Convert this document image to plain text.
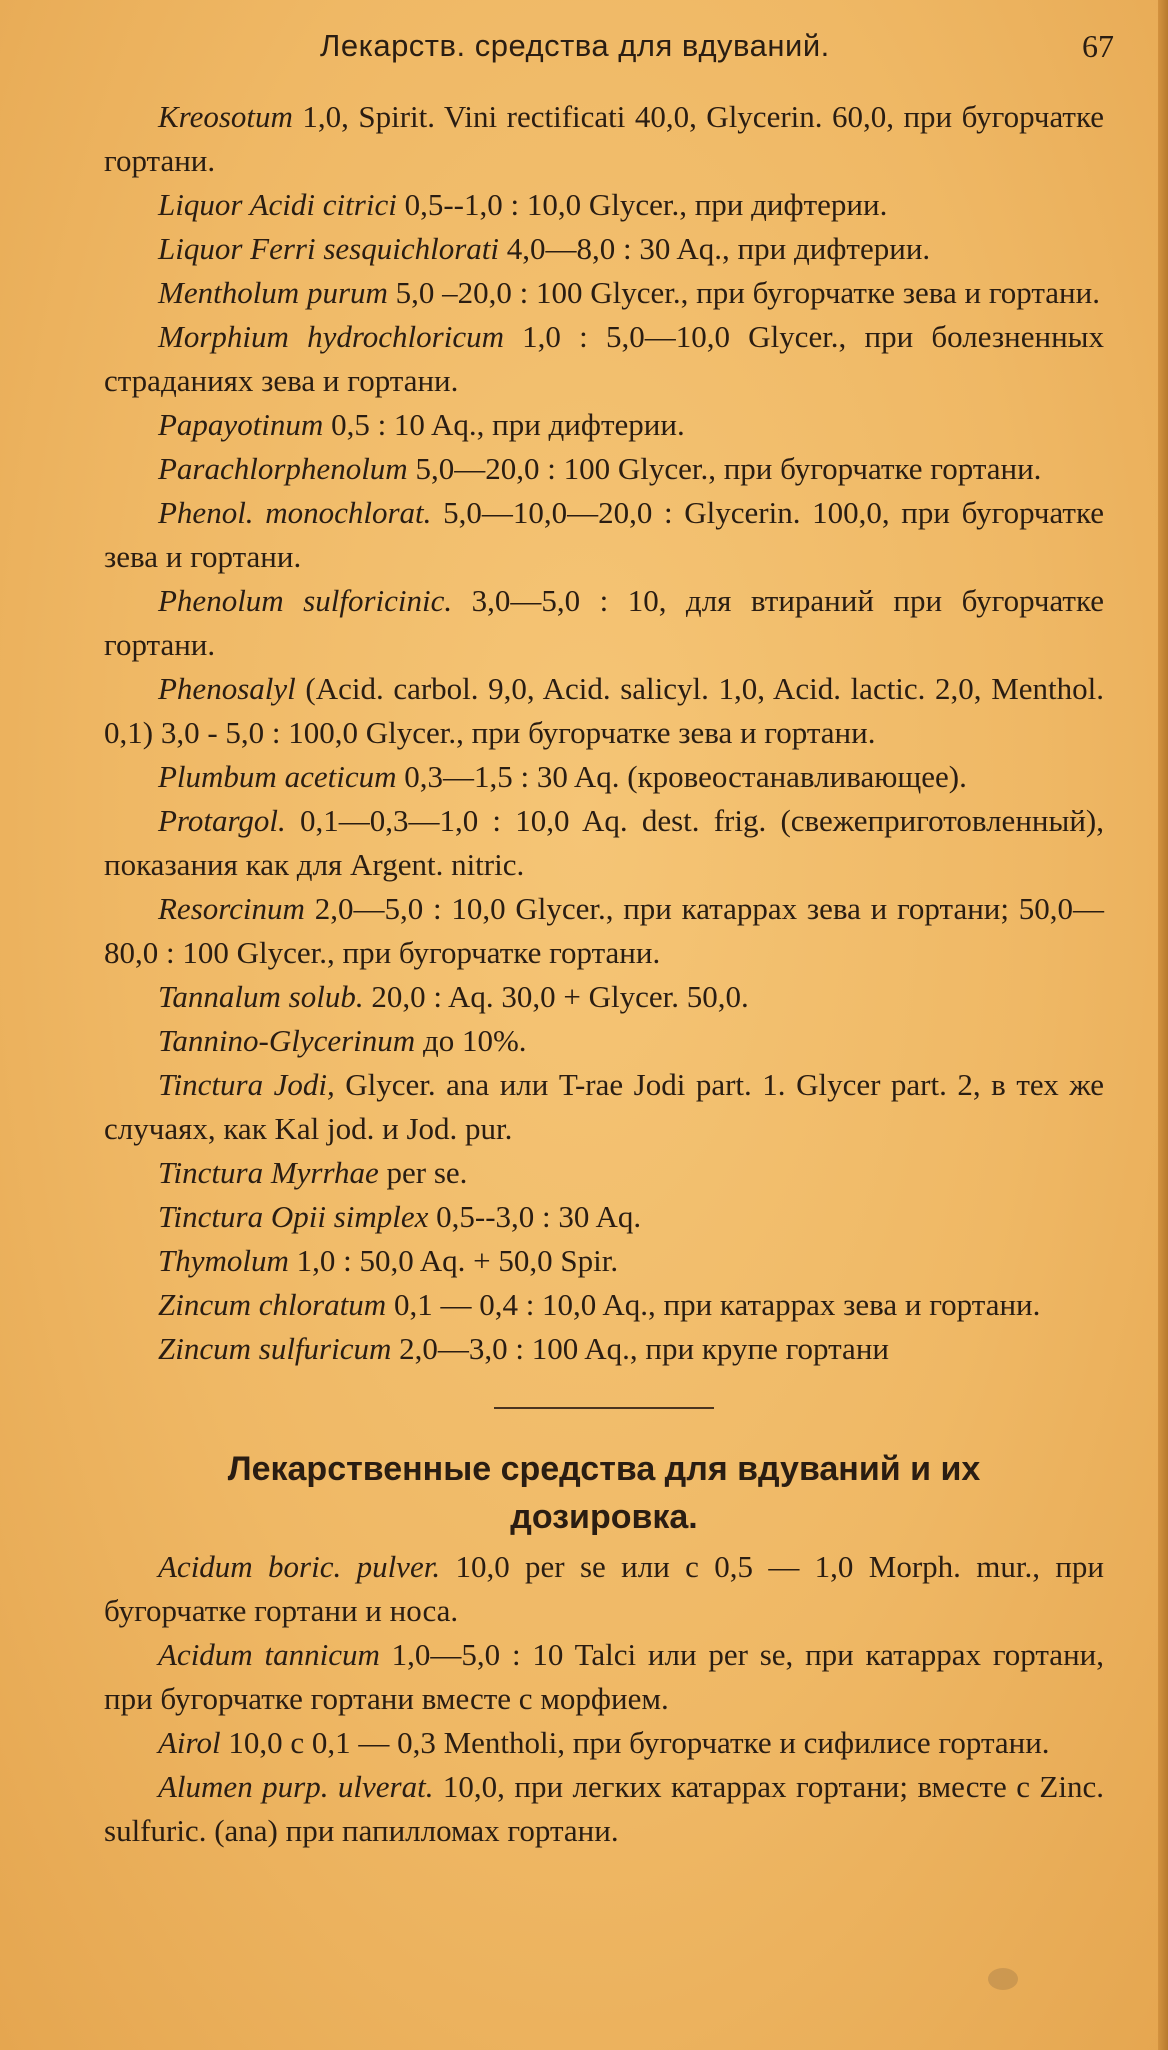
Лекарств. средства для вдуваний.	67

Kreosotum 1,0, Spirit. Vini rectificati 40,0, Glycerin. 60,0, при бугорчатке гортани.

Liquor Acidi citrici 0,5--1,0 : 10,0 Glycer., при дифтерии.

Liquor Ferri sesquichlorati 4,0—8,0 : 30 Aq., при дифтерии.

Mentholum purum 5,0 –20,0 : 100 Glycer., при бугорчатке зева и гортани.

Morphium hydrochloricum 1,0 : 5,0—10,0 Glycer., при болезненных страданиях зева и гортани.

Papayotinum 0,5 : 10 Aq., при дифтерии.

Parachlorphenolum 5,0—20,0 : 100 Glycer., при бугорчатке гортани.

Phenol. monochlorat. 5,0—10,0—20,0 : Glycerin. 100,0, при бугорчатке зева и гортани.

Phenolum sulforicinic. 3,0—5,0 : 10, для втираний при бугорчатке гортани.

Phenosalyl (Acid. carbol. 9,0, Acid. salicyl. 1,0, Acid. lactic. 2,0, Menthol. 0,1) 3,0 - 5,0 : 100,0 Glycer., при бугорчатке зева и гортани.

Plumbum aceticum 0,3—1,5 : 30 Aq. (кровеостанавливающее).

Protargol. 0,1—0,3—1,0 : 10,0 Aq. dest. frig. (свежеприготовленный), показания как для Argent. nitric.

Resorcinum 2,0—5,0 : 10,0 Glycer., при катаррах зева и гортани; 50,0—80,0 : 100 Glycer., при бугорчатке гортани.

Tannalum solub. 20,0 : Aq. 30,0 + Glycer. 50,0.

Tannino-Glycerinum до 10%.

Tinctura Jodi, Glycer. ana или T-rae Jodi part. 1. Glycer part. 2, в тех же случаях, как Kal jod. и Jod. pur.

Tinctura Myrrhae per se.

Tinctura Opii simplex 0,5--3,0 : 30 Aq.

Thymolum 1,0 : 50,0 Aq. + 50,0 Spir.

Zincum chloratum 0,1 — 0,4 : 10,0 Aq., при катаррах зева и гортани.

Zincum sulfuricum 2,0—3,0 : 100 Aq., при крупе гортани

Лекарственные средства для вдуваний и их дозировка.

Acidum boric. pulver. 10,0 per se или с 0,5 — 1,0 Morph. mur., при бугорчатке гортани и носа.

Acidum tannicum 1,0—5,0 : 10 Talci или per se, при катаррах гортани, при бугорчатке гортани вместе с морфием.

Airol 10,0 с 0,1 — 0,3 Mentholi, при бугорчатке и сифилисе гортани.

Alumen purp. ulverat. 10,0, при легких катаррах гортани; вместе с Zinc. sulfuric. (ana) при папилломах гортани.
